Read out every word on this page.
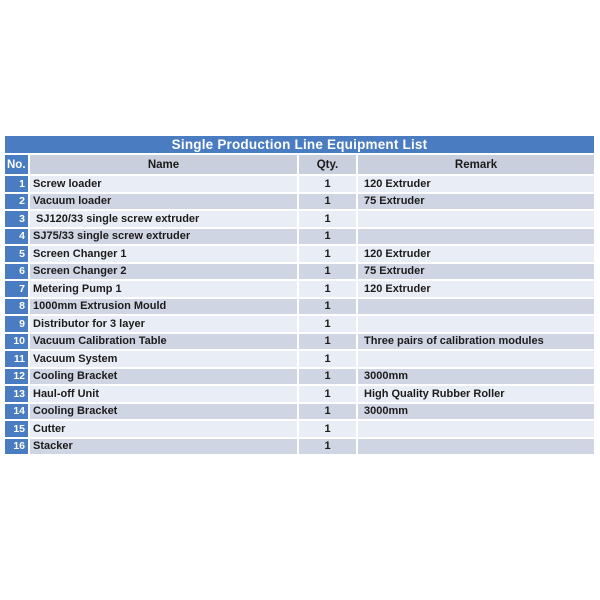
Single Production Line Equipment List			
No.	Name	Qty.	Remark
1	Screw loader	1	120 Extruder
2	Vacuum loader	1	75 Extruder
3	SJ120/33 single screw extruder	1	
4	SJ75/33 single screw extruder	1	
5	Screen Changer 1	1	120 Extruder
6	Screen Changer 2	1	75 Extruder
7	Metering Pump 1	1	120 Extruder
8	1000mm Extrusion Mould	1	
9	Distributor for 3 layer	1	
10	Vacuum Calibration Table	1	Three pairs of calibration modules
11	Vacuum System	1	
12	Cooling Bracket	1	3000mm
13	Haul-off Unit	1	High Quality Rubber Roller
14	Cooling Bracket	1	3000mm
15	Cutter	1	
16	Stacker	1	
